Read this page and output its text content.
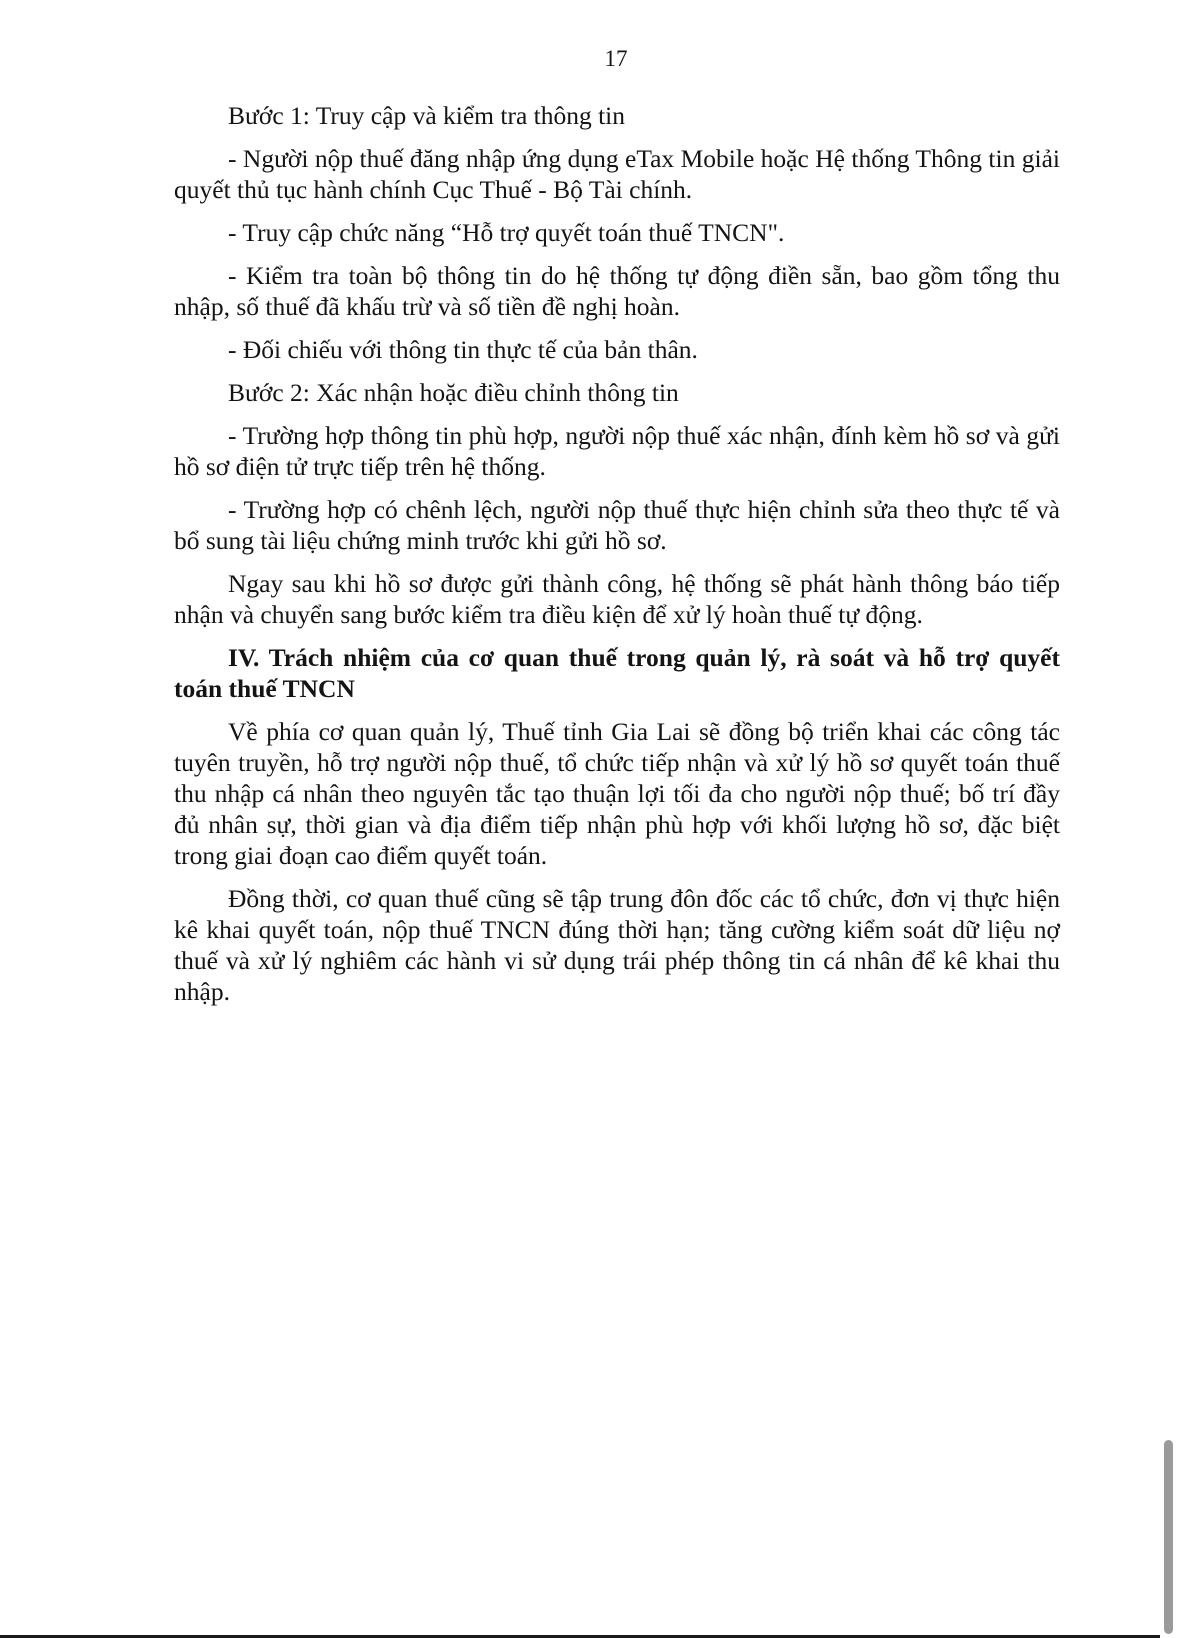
17

Bước 1: Truy cập và kiểm tra thông tin

- Người nộp thuế đăng nhập ứng dụng eTax Mobile hoặc Hệ thống Thông tin giải quyết thủ tục hành chính Cục Thuế - Bộ Tài chính.

- Truy cập chức năng “Hỗ trợ quyết toán thuế TNCN".

- Kiểm tra toàn bộ thông tin do hệ thống tự động điền sẵn, bao gồm tổng thu nhập, số thuế đã khấu trừ và số tiền đề nghị hoàn.

- Đối chiếu với thông tin thực tế của bản thân.

Bước 2: Xác nhận hoặc điều chỉnh thông tin

- Trường hợp thông tin phù hợp, người nộp thuế xác nhận, đính kèm hồ sơ và gửi hồ sơ điện tử trực tiếp trên hệ thống.

- Trường hợp có chênh lệch, người nộp thuế thực hiện chỉnh sửa theo thực tế và bổ sung tài liệu chứng minh trước khi gửi hồ sơ.

Ngay sau khi hồ sơ được gửi thành công, hệ thống sẽ phát hành thông báo tiếp nhận và chuyển sang bước kiểm tra điều kiện để xử lý hoàn thuế tự động.

IV. Trách nhiệm của cơ quan thuế trong quản lý, rà soát và hỗ trợ quyết toán thuế TNCN

Về phía cơ quan quản lý, Thuế tỉnh Gia Lai sẽ đồng bộ triển khai các công tác tuyên truyền, hỗ trợ người nộp thuế, tổ chức tiếp nhận và xử lý hồ sơ quyết toán thuế thu nhập cá nhân theo nguyên tắc tạo thuận lợi tối đa cho người nộp thuế; bố trí đầy đủ nhân sự, thời gian và địa điểm tiếp nhận phù hợp với khối lượng hồ sơ, đặc biệt trong giai đoạn cao điểm quyết toán.

Đồng thời, cơ quan thuế cũng sẽ tập trung đôn đốc các tổ chức, đơn vị thực hiện kê khai quyết toán, nộp thuế TNCN đúng thời hạn; tăng cường kiểm soát dữ liệu nợ thuế và xử lý nghiêm các hành vi sử dụng trái phép thông tin cá nhân để kê khai thu nhập.
